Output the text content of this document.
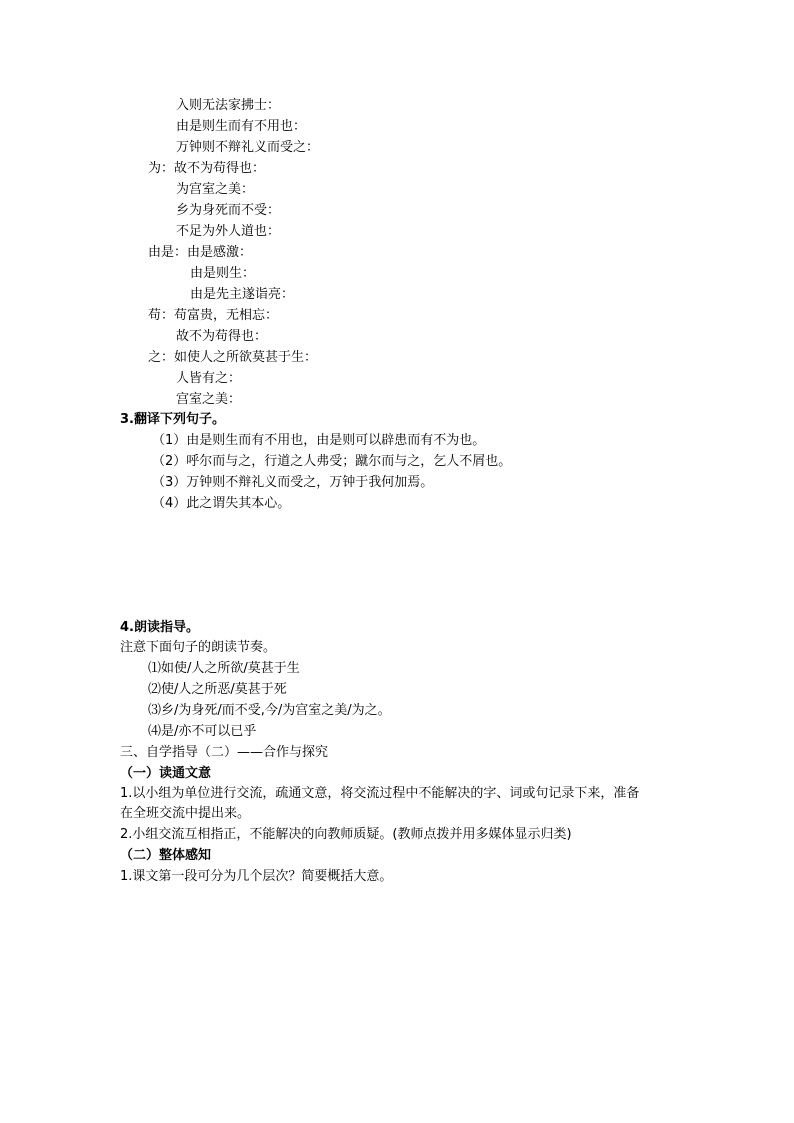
入则无法家拂士：
由是则生而有不用也：
万钟则不辩礼义而受之：
为：故不为苟得也：
为宫室之美：
乡为身死而不受：
不足为外人道也：
由是：由是感激：
由是则生：
由是先主遂诣亮：
苟：苟富贵，无相忘：
故不为苟得也：
之：如使人之所欲莫甚于生：
人皆有之：
宫室之美：
3.翻译下列句子。
（1）由是则生而有不用也，由是则可以辟患而有不为也。
（2）呼尔而与之，行道之人弗受；蹴尔而与之，乞人不屑也。
（3）万钟则不辩礼义而受之，万钟于我何加焉。
（4）此之谓失其本心。
4.朗读指导。
注意下面句子的朗读节奏。
⑴如使/人之所欲/莫甚于生
⑵使/人之所恶/莫甚于死
⑶乡/为身死/而不受,今/为宫室之美/为之。
⑷是/亦不可以已乎
三、自学指导（二）——合作与探究
（一）读通文意
1.以小组为单位进行交流，疏通文意，将交流过程中不能解决的字、词或句记录下来，准备
在全班交流中提出来。
2.小组交流互相指正，不能解决的向教师质疑。(教师点拨并用多媒体显示归类)
（二）整体感知
1.课文第一段可分为几个层次？简要概括大意。
